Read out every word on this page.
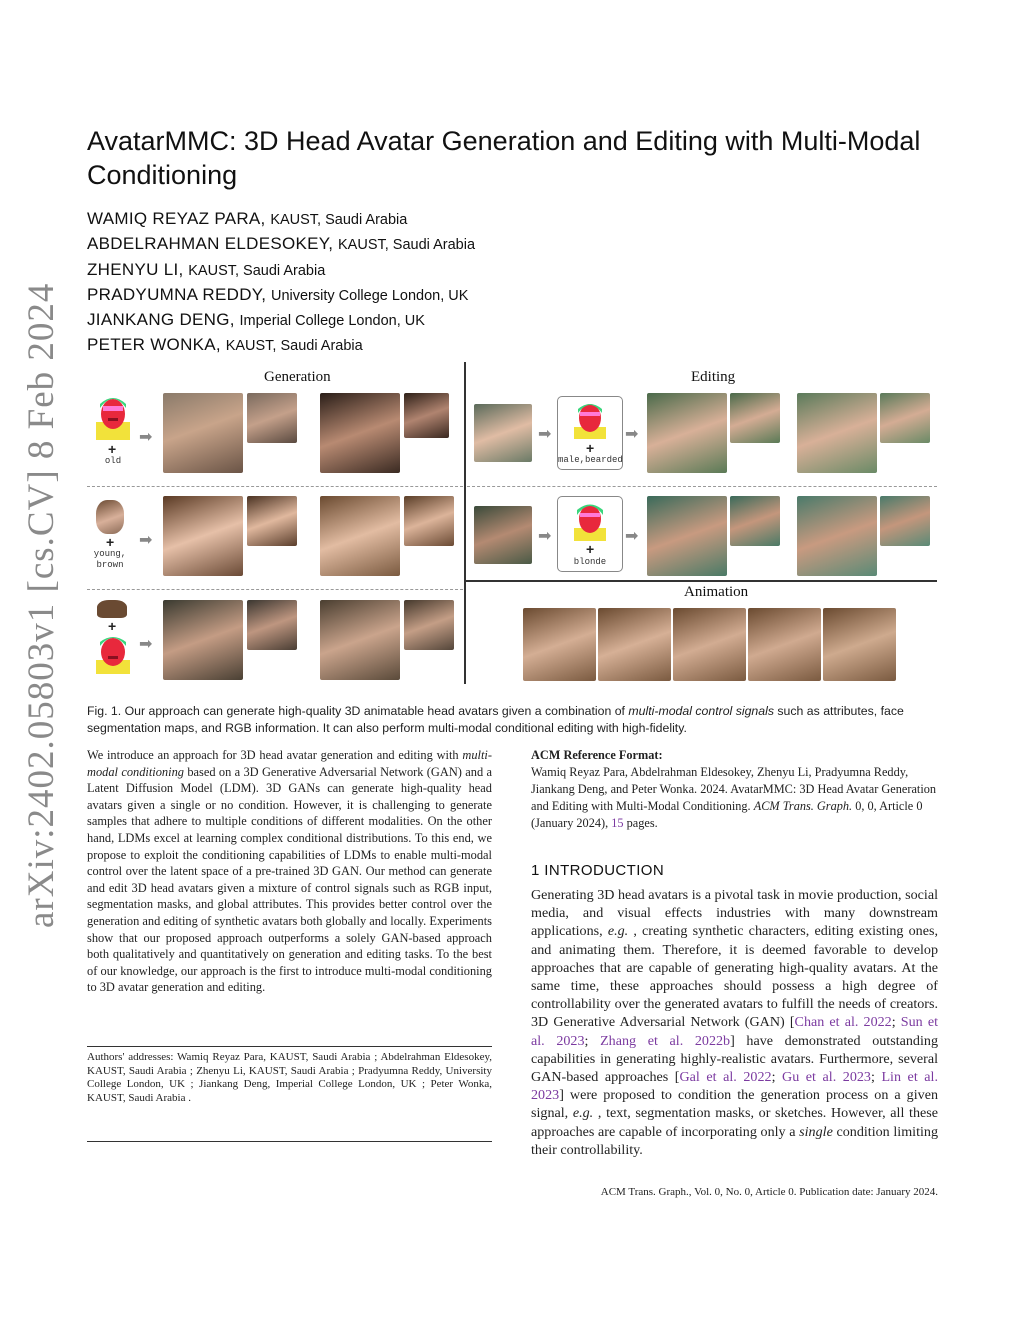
arXiv:2402.05803v1 [cs.CV] 8 Feb 2024
AvatarMMC: 3D Head Avatar Generation and Editing with Multi-Modal Conditioning
WAMIQ REYAZ PARA, KAUST, Saudi Arabia
ABDELRAHMAN ELDESOKEY, KAUST, Saudi Arabia
ZHENYU LI, KAUST, Saudi Arabia
PRADYUMNA REDDY, University College London, UK
JIANKANG DENG, Imperial College London, UK
PETER WONKA, KAUST, Saudi Arabia
Generation	Editing
Animation
+
old
➡
+
young,
brown
➡
+
➡
➡
+
male,bearded
➡
➡
+
blonde
➡
Fig. 1. Our approach can generate high-quality 3D animatable head avatars given a combination of multi-modal control signals such as attributes, face segmentation maps, and RGB information. It can also perform multi-modal conditional editing with high-fidelity.
We introduce an approach for 3D head avatar generation and editing with multi-modal conditioning based on a 3D Generative Adversarial Network (GAN) and a Latent Diffusion Model (LDM). 3D GANs can generate high-quality head avatars given a single or no condition. However, it is challenging to generate samples that adhere to multiple conditions of different modalities. On the other hand, LDMs excel at learning complex conditional distributions. To this end, we propose to exploit the conditioning capabilities of LDMs to enable multi-modal control over the latent space of a pre-trained 3D GAN. Our method can generate and edit 3D head avatars given a mixture of control signals such as RGB input, segmentation masks, and global attributes. This provides better control over the generation and editing of synthetic avatars both globally and locally. Experiments show that our proposed approach outperforms a solely GAN-based approach both qualitatively and quantitatively on generation and editing tasks. To the best of our knowledge, our approach is the first to introduce multi-modal conditioning to 3D avatar generation and editing.
Authors' addresses: Wamiq Reyaz Para, KAUST, Saudi Arabia ; Abdelrahman Eldesokey, KAUST, Saudi Arabia ; Zhenyu Li, KAUST, Saudi Arabia ; Pradyumna Reddy, University College London, UK ; Jiankang Deng, Imperial College London, UK ; Peter Wonka, KAUST, Saudi Arabia .
ACM Reference Format:
Wamiq Reyaz Para, Abdelrahman Eldesokey, Zhenyu Li, Pradyumna Reddy, Jiankang Deng, and Peter Wonka. 2024. AvatarMMC: 3D Head Avatar Generation and Editing with Multi-Modal Conditioning. ACM Trans. Graph. 0, 0, Article 0 (January 2024), 15 pages.
1 INTRODUCTION
Generating 3D head avatars is a pivotal task in movie production, social media, and visual effects industries with many downstream applications, e.g. , creating synthetic characters, editing existing ones, and animating them. Therefore, it is deemed favorable to develop approaches that are capable of generating high-quality avatars. At the same time, these approaches should possess a high degree of controllability over the generated avatars to fulfill the needs of creators. 3D Generative Adversarial Network (GAN) [Chan et al. 2022; Sun et al. 2023; Zhang et al. 2022b] have demonstrated outstanding capabilities in generating highly-realistic avatars. Furthermore, several GAN-based approaches [Gal et al. 2022; Gu et al. 2023; Lin et al. 2023] were proposed to condition the generation process on a given signal, e.g. , text, segmentation masks, or sketches. However, all these approaches are capable of incorporating only a single condition limiting their controllability.
ACM Trans. Graph., Vol. 0, No. 0, Article 0. Publication date: January 2024.
